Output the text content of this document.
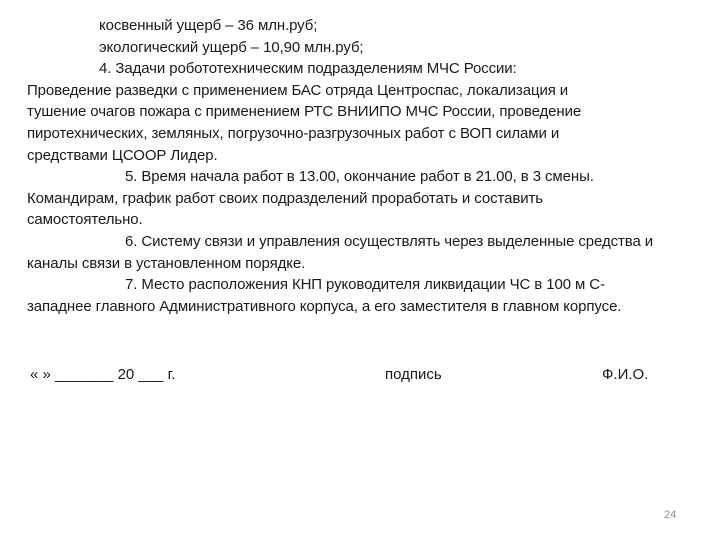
косвенный ущерб – 36 млн.руб;
экологический ущерб – 10,90 млн.руб;
4. Задачи робототехническим подразделениям МЧС России:
Проведение разведки с применением БАС отряда Центроспас, локализация и
тушение очагов пожара с применением РТС ВНИИПО МЧС России, проведение
пиротехнических, земляных, погрузочно-разгрузочных работ с ВОП силами и
средствами ЦСООР Лидер.
5. Время начала работ в 13.00, окончание работ в 21.00, в 3 смены.
Командирам, график работ своих подразделений проработать и составить
самостоятельно.
6. Систему связи и управления осуществлять через выделенные средства и
каналы связи в установленном порядке.
7. Место расположения КНП руководителя ликвидации ЧС в 100 м С-
западнее главного Административного корпуса, а его заместителя в главном корпусе.
« » _______ 20 ___ г.	подпись	Ф.И.О.
24
